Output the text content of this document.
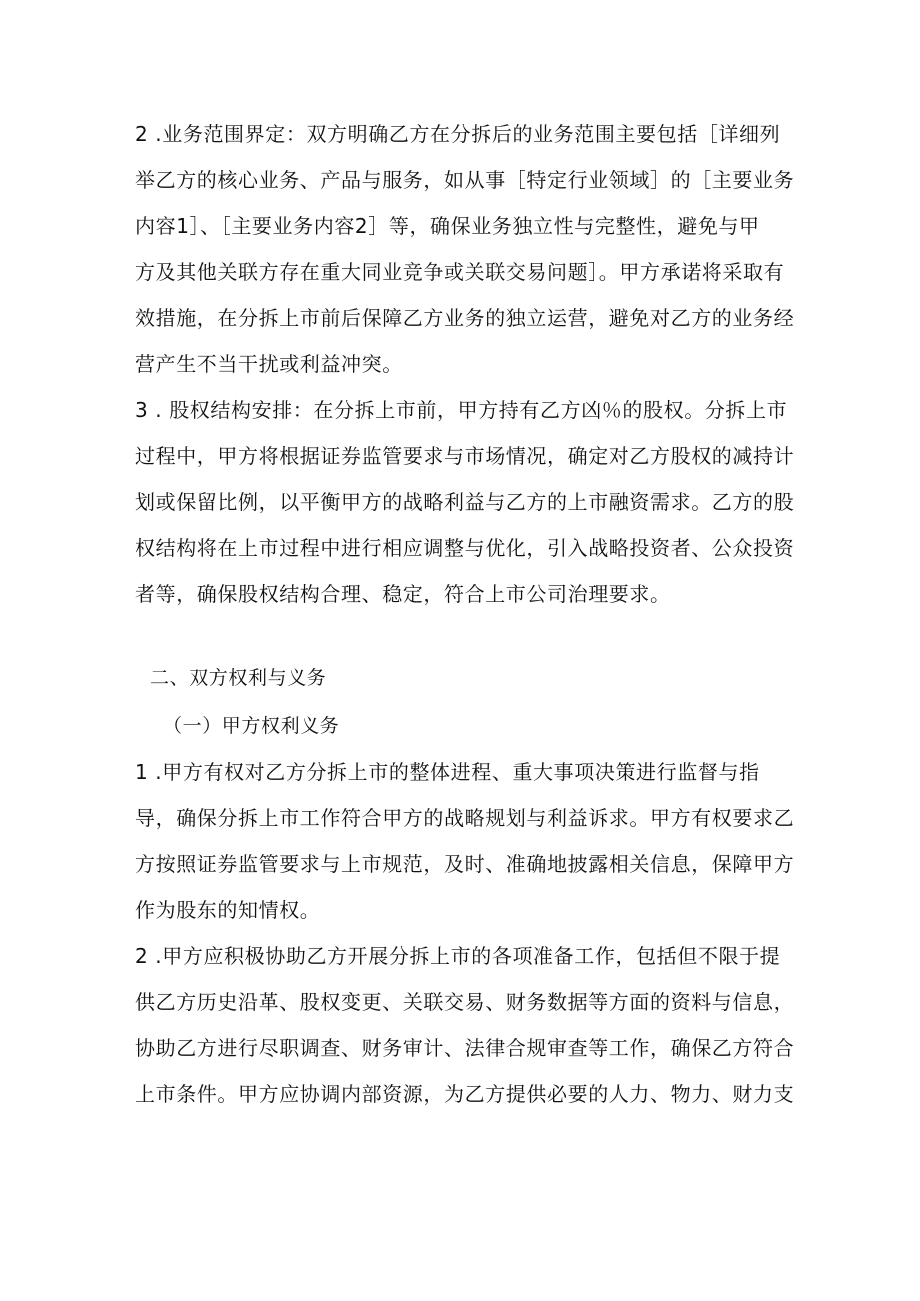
2 .业务范围界定：双方明确乙方在分拆后的业务范围主要包括［详细列
举乙方的核心业务、产品与服务，如从事［特定行业领域］的［主要业务
内容1］、［主要业务内容2］等，确保业务独立性与完整性，避免与甲
方及其他关联方存在重大同业竞争或关联交易问题］。甲方承诺将采取有
效措施，在分拆上市前后保障乙方业务的独立运营，避免对乙方的业务经
营产生不当干扰或利益冲突。
3 . 股权结构安排：在分拆上市前，甲方持有乙方凶％的股权。分拆上市
过程中，甲方将根据证券监管要求与市场情况，确定对乙方股权的减持计
划或保留比例，以平衡甲方的战略利益与乙方的上市融资需求。乙方的股
权结构将在上市过程中进行相应调整与优化，引入战略投资者、公众投资
者等，确保股权结构合理、稳定，符合上市公司治理要求。
二、双方权利与义务
（一）甲方权利义务
1 .甲方有权对乙方分拆上市的整体进程、重大事项决策进行监督与指
导，确保分拆上市工作符合甲方的战略规划与利益诉求。甲方有权要求乙
方按照证券监管要求与上市规范，及时、准确地披露相关信息，保障甲方
作为股东的知情权。
2 .甲方应积极协助乙方开展分拆上市的各项准备工作，包括但不限于提
供乙方历史沿革、股权变更、关联交易、财务数据等方面的资料与信息，
协助乙方进行尽职调查、财务审计、法律合规审查等工作，确保乙方符合
上市条件。甲方应协调内部资源，为乙方提供必要的人力、物力、财力支
